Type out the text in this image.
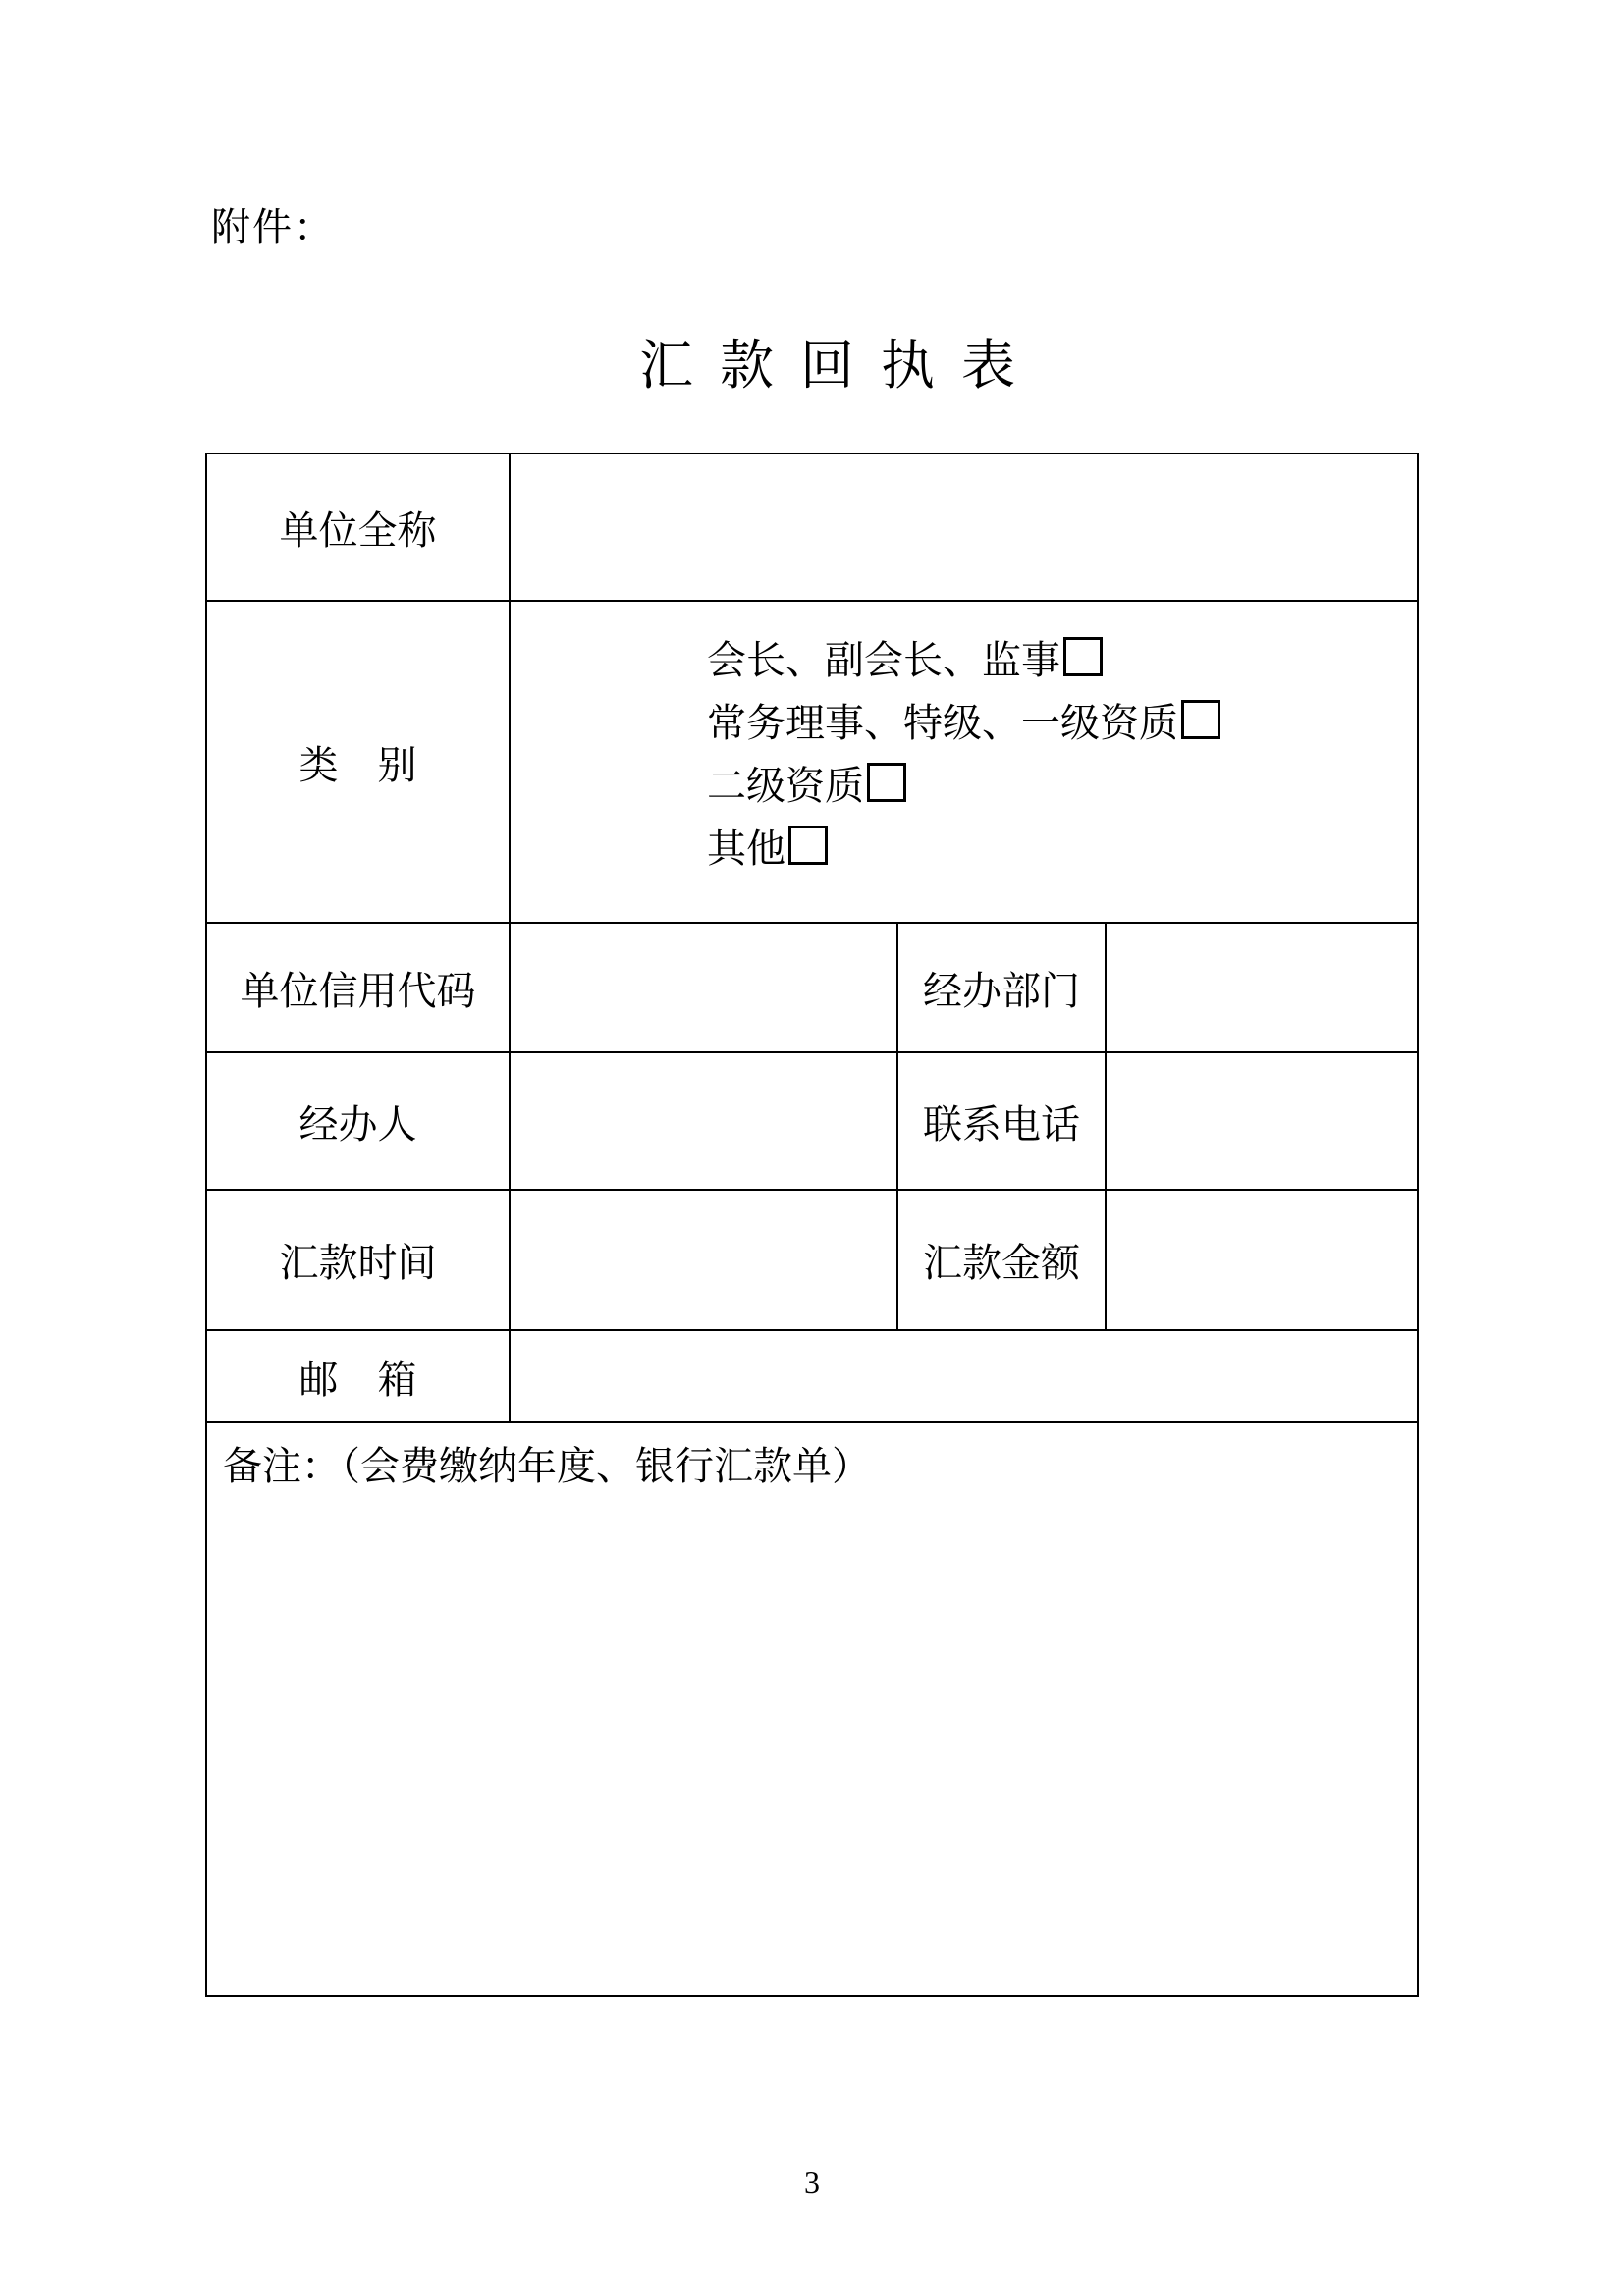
附件：
汇款回执表
单位全称
类　别
会长、副会长、监事
常务理事、特级、一级资质
二级资质
其他
单位信用代码	经办部门
经办人	联系电话
汇款时间	汇款金额
邮　箱
备注：（会费缴纳年度、银行汇款单）
3
